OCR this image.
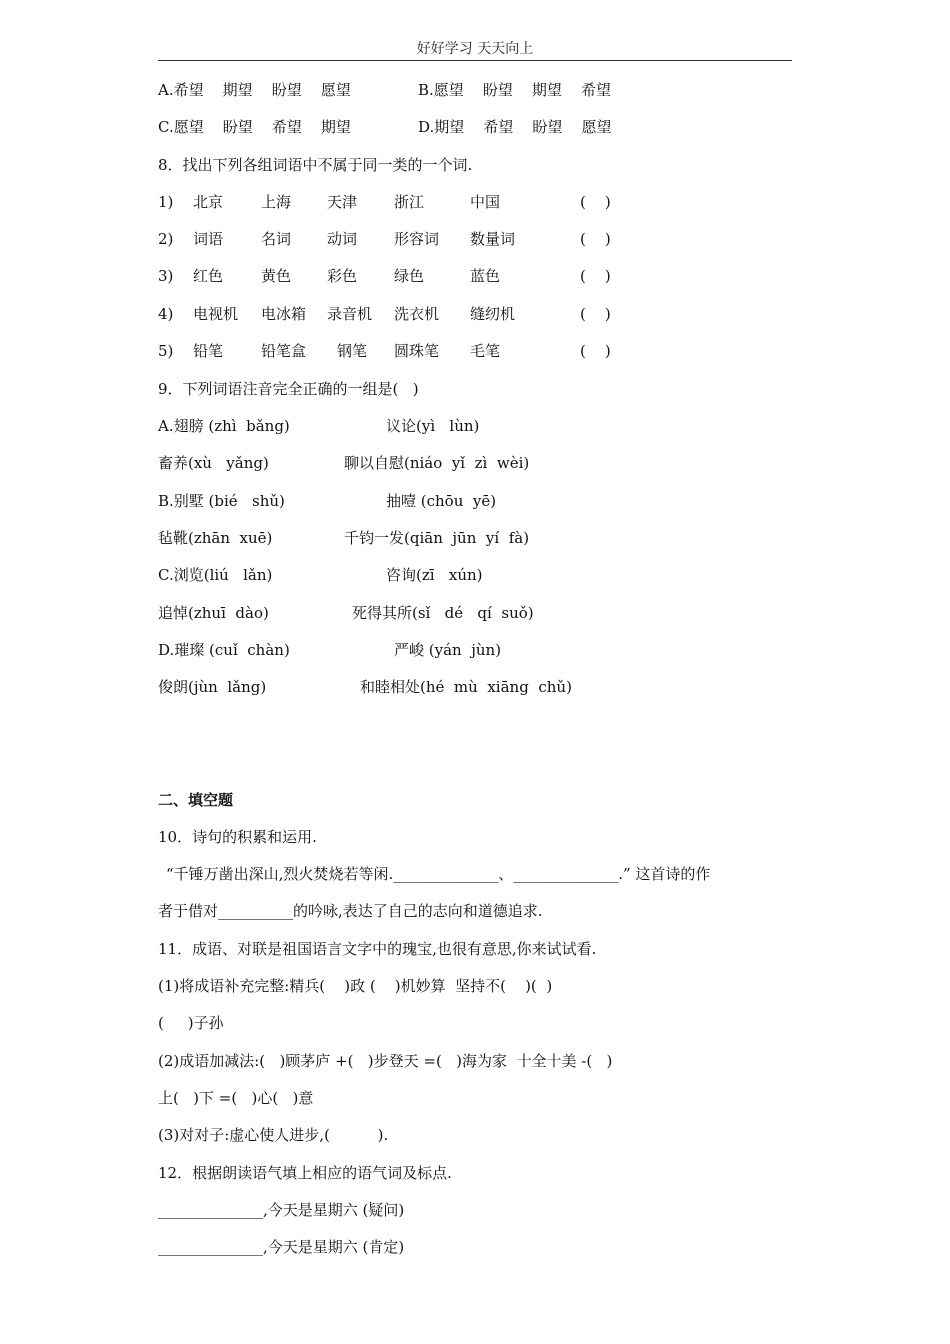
好好学习 天天向上
A.希望    期望    盼望    愿望	B.愿望    盼望    期望    希望
C.愿望    盼望    希望    期望	D.期望    希望    盼望    愿望
8．找出下列各组词语中不属于同一类的一个词.
1) 北京	上海 天津 浙江	中国	(    )
2) 词语	名词 动词 形容词 数量词	(    )
3) 红色	黄色 彩色 绿色	蓝色	(    )
4) 电视机 电冰箱 录音机 洗衣机 缝纫机	(    )
5) 铅笔	铅笔盒 钢笔 圆珠笔 毛笔	(    )
9．下列词语注音完全正确的一组是(   )
A.翅膀 (zhì  bǎng)	议论(yì   lùn)
畜养(xù   yǎng)	聊以自慰(niáo  yǐ  zì  wèi)
B.别墅 (bié   shǔ)	抽噎 (chōu  yē)
毡靴(zhān  xuē)	千钧一发(qiān  jūn  yí  fà)
C.浏览(liú   lǎn)	咨询(zī   xún)
追悼(zhuī  dào)	死得其所(sǐ   dé   qí  suǒ)
D.璀璨 (cuǐ  chàn)	严峻 (yán  jùn)
俊朗(jùn  lǎng)	和睦相处(hé  mù  xiāng  chǔ)
二、填空题
10．诗句的积累和运用.
“千锤万凿出深山,烈火焚烧若等闲.______________、______________.” 这首诗的作
者于借对__________的吟咏,表达了自己的志向和道德追求.
11．成语、对联是祖国语言文字中的瑰宝,也很有意思,你来试试看.
(1)将成语补充完整:精兵(    )政 (    )机妙算  坚持不(    )(  )
(     )子孙
(2)成语加减法:(   )顾茅庐 +(   )步登天 =(   )海为家  十全十美 -(   )
上(   )下 =(   )心(   )意
(3)对对子:虚心使人进步,(          ).
12．根据朗读语气填上相应的语气词及标点.
______________,今天是星期六 (疑问)
______________,今天是星期六 (肯定)
